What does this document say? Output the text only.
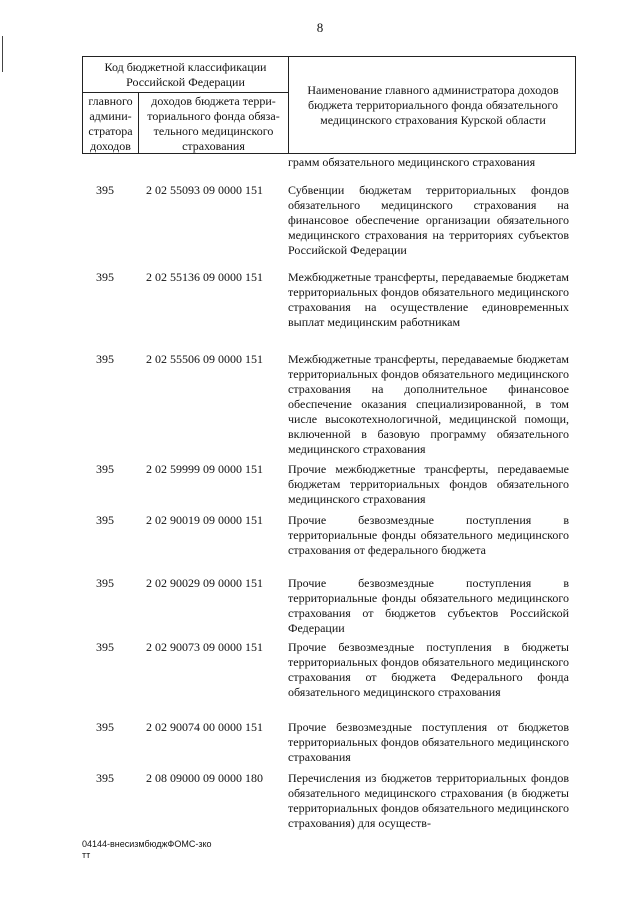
8
Код бюджетной классификации Российской Федерации
главного админи-стратора доходов
доходов бюджета терри-ториального фонда обяза-тельного медицинского страхования
Наименование главного администратора доходов бюджета территориального фонда обязательного медицинского страхования Курской области
грамм обязательного медицинского страхования
395	2 02 55093 09 0000 151	Субвенции бюджетам территориальных фондов обязательного медицинского страхования на финансовое обеспечение организации обязательного медицинского страхования на территориях субъектов Российской Федерации
395	2 02 55136 09 0000 151	Межбюджетные трансферты, передаваемые бюджетам территориальных фондов обязательного медицинского страхования на осуществление единовременных выплат медицинским работникам
395	2 02 55506 09 0000 151	Межбюджетные трансферты, передаваемые бюджетам территориальных фондов обязательного медицинского страхования на дополнительное финансовое обеспечение оказания специализированной, в том числе высокотехнологичной, медицинской помощи, включенной в базовую программу обязательного медицинского страхования
395	2 02 59999 09 0000 151	Прочие межбюджетные трансферты, передаваемые бюджетам территориальных фондов обязательного медицинского страхования
395	2 02 90019 09 0000 151	Прочие безвозмездные поступления в территориальные фонды обязательного медицинского страхования от федерального бюджета
395	2 02 90029 09 0000 151	Прочие безвозмездные поступления в территориальные фонды обязательного медицинского страхования от бюджетов субъектов Российской Федерации
395	2 02 90073 09 0000 151	Прочие безвозмездные поступления в бюджеты территориальных фондов обязательного медицинского страхования от бюджета Федерального фонда обязательного медицинского страхования
395	2 02 90074 00 0000 151	Прочие безвозмездные поступления от бюджетов территориальных фондов обязательного медицинского страхования
395	2 08 09000 09 0000 180	Перечисления из бюджетов территориальных фондов обязательного медицинского страхования (в бюджеты территориальных фондов обязательного медицинского страхования) для осуществ-
04144-внесизмбюджФОМС-зко
тт
